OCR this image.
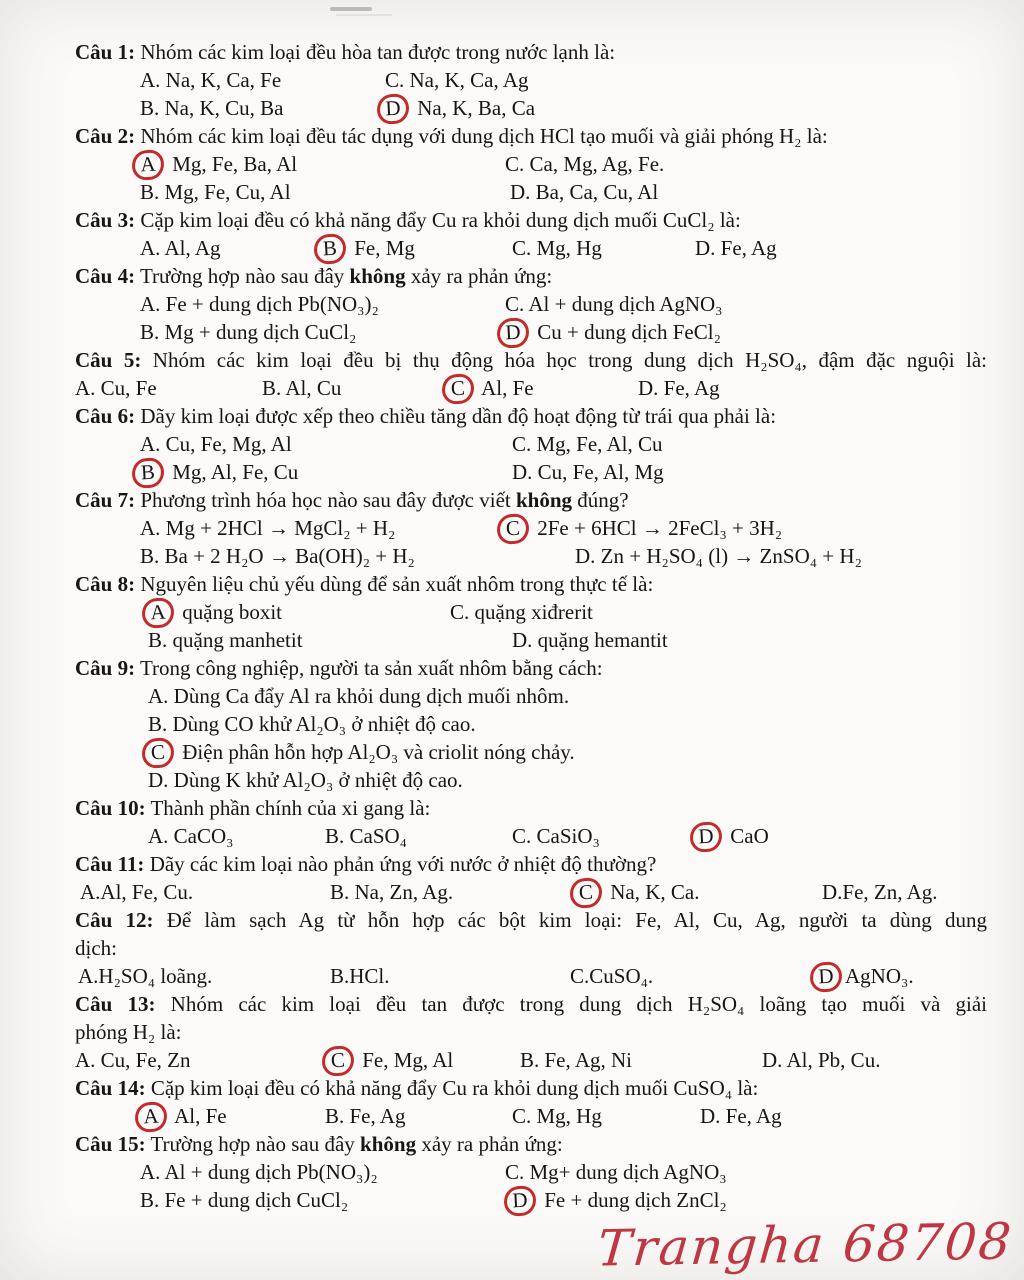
Câu 1: Nhóm các kim loại đều hòa tan được trong nước lạnh là:
A. Na, K, Ca, Fe	C. Na, K, Ca, Ag
B. Na, K, Cu, Ba	D Na, K, Ba, Ca
Câu 2: Nhóm các kim loại đều tác dụng với dung dịch HCl tạo muối và giải phóng H₂ là:
A Mg, Fe, Ba, Al	C. Ca, Mg, Ag, Fe.
B. Mg, Fe, Cu, Al	D. Ba, Ca, Cu, Al
Câu 3: Cặp kim loại đều có khả năng đẩy Cu ra khỏi dung dịch muối CuCl₂ là:
A. Al, Ag	B Fe, Mg	C. Mg, Hg	D. Fe, Ag
Câu 4: Trường hợp nào sau đây không xảy ra phản ứng:
A. Fe + dung dịch Pb(NO₃)₂	C. Al + dung dịch AgNO₃
B. Mg + dung dịch CuCl₂	D Cu + dung dịch FeCl₂
Câu 5: Nhóm các kim loại đều bị thụ động hóa học trong dung dịch H₂SO₄, đậm đặc nguội là:
A. Cu, Fe	B. Al, Cu	C Al, Fe	D. Fe, Ag
Câu 6: Dãy kim loại được xếp theo chiều tăng dần độ hoạt động từ trái qua phải là:
A. Cu, Fe, Mg, Al	C. Mg, Fe, Al, Cu
B Mg, Al, Fe, Cu	D. Cu, Fe, Al, Mg
Câu 7: Phương trình hóa học nào sau đây được viết không đúng?
A. Mg + 2HCl → MgCl₂ + H₂	C 2Fe + 6HCl → 2FeCl₃ + 3H₂
B. Ba + 2 H₂O → Ba(OH)₂ + H₂	D. Zn + H₂SO₄ (l) → ZnSO₄ + H₂
Câu 8: Nguyên liệu chủ yếu dùng để sản xuất nhôm trong thực tế là:
A quặng boxit	C. quặng xiđrerit
B. quặng manhetit	D. quặng hemantit
Câu 9: Trong công nghiệp, người ta sản xuất nhôm bằng cách:
A. Dùng Ca đẩy Al ra khỏi dung dịch muối nhôm.
B. Dùng CO khử Al₂O₃ ở nhiệt độ cao.
C Điện phân hỗn hợp Al₂O₃ và criolit nóng chảy.
D. Dùng K khử Al₂O₃ ở nhiệt độ cao.
Câu 10: Thành phần chính của xi gang là:
A. CaCO₃	B. CaSO₄	C. CaSiO₃	D CaO
Câu 11: Dãy các kim loại nào phản ứng với nước ở nhiệt độ thường?
A.Al, Fe, Cu.	B. Na, Zn, Ag.	C Na, K, Ca.	D.Fe, Zn, Ag.
Câu 12: Để làm sạch Ag từ hỗn hợp các bột kim loại: Fe, Al, Cu, Ag, người ta dùng dung
dịch:
A.H₂SO₄ loãng.	B.HCl.	C.CuSO₄.	D AgNO₃.
Câu 13: Nhóm các kim loại đều tan được trong dung dịch H₂SO₄ loãng tạo muối và giải
phóng H₂ là:
A. Cu, Fe, Zn	C Fe, Mg, Al	B. Fe, Ag, Ni	D. Al, Pb, Cu.
Câu 14: Cặp kim loại đều có khả năng đẩy Cu ra khỏi dung dịch muối CuSO₄ là:
A Al, Fe	B. Fe, Ag	C. Mg, Hg	D. Fe, Ag
Câu 15: Trường hợp nào sau đây không xảy ra phản ứng:
A. Al + dung dịch Pb(NO₃)₂	C. Mg+ dung dịch AgNO₃
B. Fe + dung dịch CuCl₂	D Fe + dung dịch ZnCl₂
Trangha 68708
